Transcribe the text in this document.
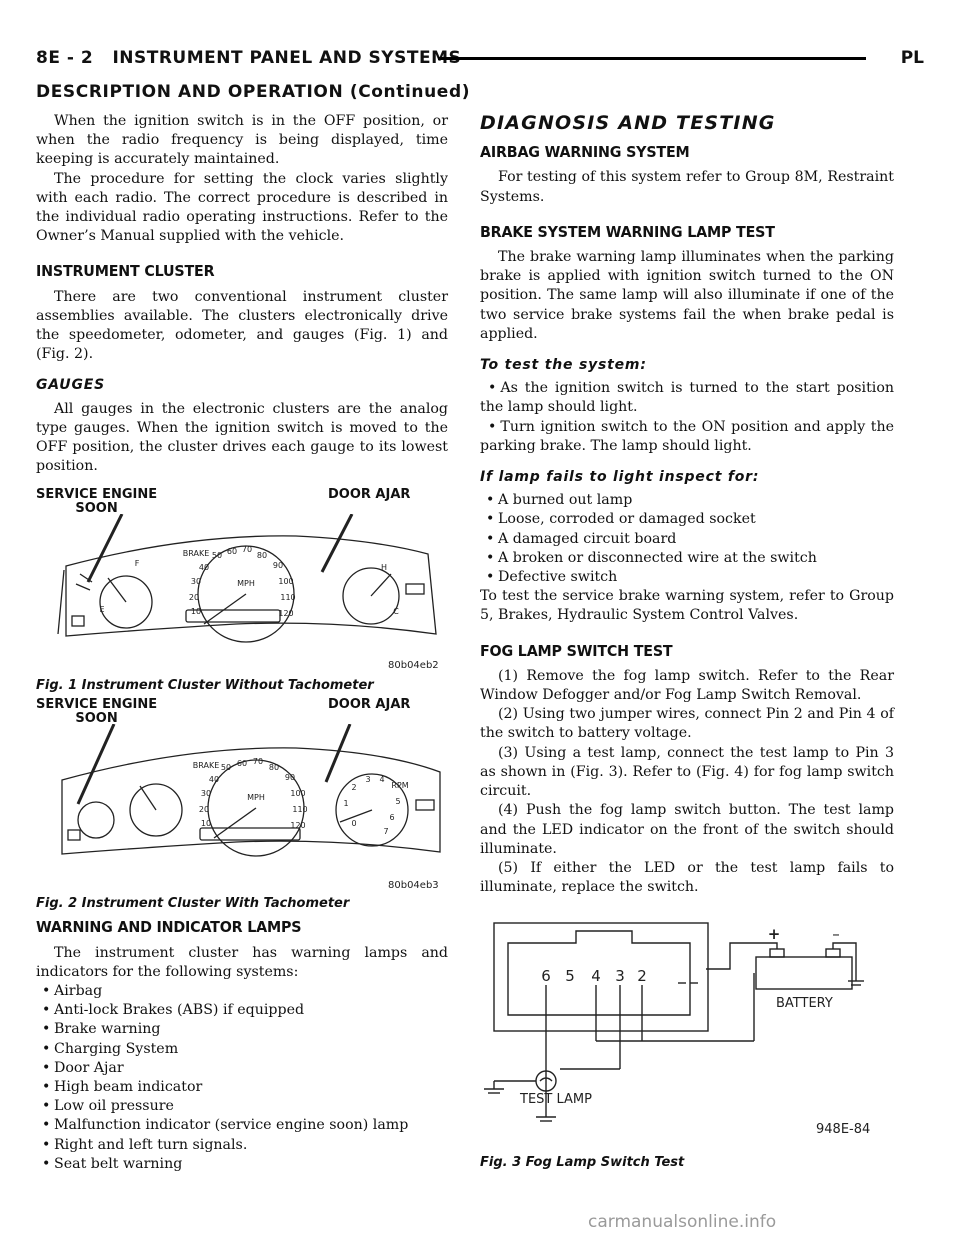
8E - 2 INSTRUMENT PANEL AND SYSTEMS	PL
DESCRIPTION AND OPERATION (Continued)

When the ignition switch is in the OFF position, or when the radio frequency is being displayed, time keeping is accurately maintained.

The procedure for setting the clock varies slightly with each radio. The correct procedure is described in the individual radio operating instructions. Refer to the Owner’s Manual supplied with the vehicle.

INSTRUMENT CLUSTER

There are two conventional instrument cluster assemblies available. The clusters electronically drive the speedometer, odometer, and gauges (Fig. 1) and (Fig. 2).

GAUGES

All gauges in the electronic clusters are the analog type gauges. When the ignition switch is moved to the OFF position, the cluster drives each gauge to its lowest position.

SERVICE ENGINE
SOON
DOOR AJAR
50 60 70
40
30
20
10
80
90
100
110
120
MPH
BRAKE
F
E
H
C
80b04eb2
Fig. 1 Instrument Cluster Without Tachometer
SERVICE ENGINE
SOON
DOOR AJAR
50 60 70
40
30
20
10
80
90
100
110
120
MPH
BRAKE
2
3 4
1	5
6
0
7
RPM
80b04eb3
Fig. 2 Instrument Cluster With Tachometer
WARNING AND INDICATOR LAMPS

The instrument cluster has warning lamps and indicators for the following systems:

• Airbag
• Anti-lock Brakes (ABS) if equipped
• Brake warning
• Charging System
• Door Ajar
• High beam indicator
• Low oil pressure
• Malfunction indicator (service engine soon) lamp
• Right and left turn signals.
• Seat belt warning
DIAGNOSIS AND TESTING
AIRBAG WARNING SYSTEM

For testing of this system refer to Group 8M, Restraint Systems.

BRAKE SYSTEM WARNING LAMP TEST

The brake warning lamp illuminates when the parking brake is applied with ignition switch turned to the ON position. The same lamp will also illuminate if one of the two service brake systems fail the when brake pedal is applied.

To test the system:
• As the ignition switch is turned to the start position the lamp should light.
• Turn ignition switch to the ON position and apply the parking brake. The lamp should light.
If lamp fails to light inspect for:
• A burned out lamp
• Loose, corroded or damaged socket
• A damaged circuit board
• A broken or disconnected wire at the switch
• Defective switch

To test the service brake warning system, refer to Group 5, Brakes, Hydraulic System Control Valves.

FOG LAMP SWITCH TEST

(1) Remove the fog lamp switch. Refer to the Rear Window Defogger and/or Fog Lamp Switch Removal.

(2) Using two jumper wires, connect Pin 2 and Pin 4 of the switch to battery voltage.

(3) Using a test lamp, connect the test lamp to Pin 3 as shown in (Fig. 3). Refer to (Fig. 4) for fog lamp switch circuit.

(4) Push the fog lamp switch button. The test lamp and the LED indicator on the front of the switch should illuminate.

(5) If either the LED or the test lamp fails to illuminate, replace the switch.

6 5 4 3 2
+	–
BATTERY
TEST LAMP
948E-84
Fig. 3 Fog Lamp Switch Test
carmanualsonline.info
